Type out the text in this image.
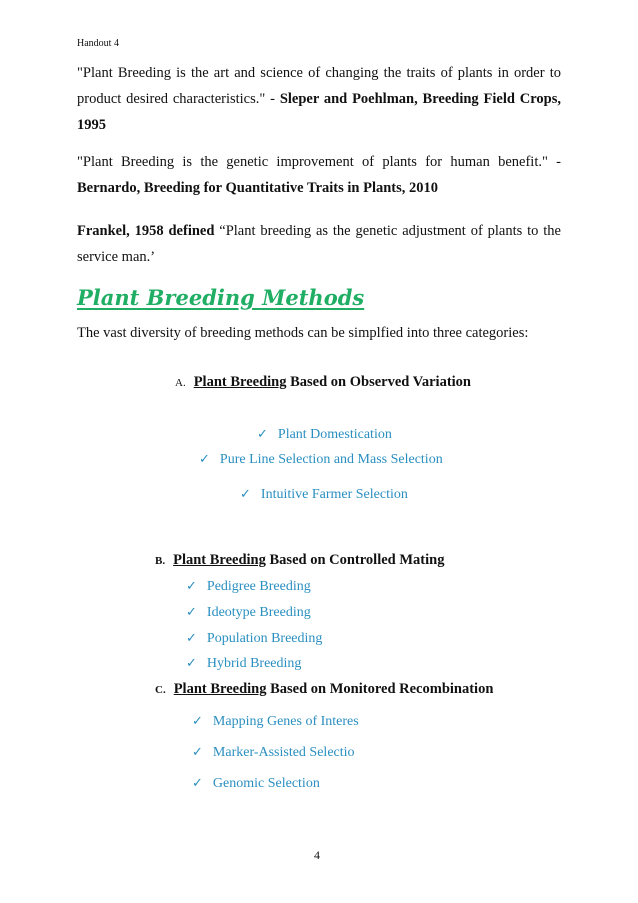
Handout 4

"Plant Breeding is the art and science of changing the traits of plants in order to product desired characteristics." - Sleper and Poehlman, Breeding Field Crops, 1995

"Plant Breeding is the genetic improvement of plants for human benefit." - Bernardo, Breeding for Quantitative Traits in Plants, 2010

Frankel, 1958 defined “Plant breeding as the genetic adjustment of plants to the service man.’

Plant Breeding Methods
The vast diversity of breeding methods can be simplfied into three categories:
A. Plant Breeding Based on Observed Variation
✓ Plant Domestication
✓ Pure Line Selection and Mass Selection
✓ Intuitive Farmer Selection
B. Plant Breeding Based on Controlled Mating
✓ Pedigree Breeding
✓ Ideotype Breeding
✓ Population Breeding
✓ Hybrid Breeding
C. Plant Breeding Based on Monitored Recombination
✓ Mapping Genes of Interes
✓ Marker-Assisted Selectio
✓ Genomic Selection
4
